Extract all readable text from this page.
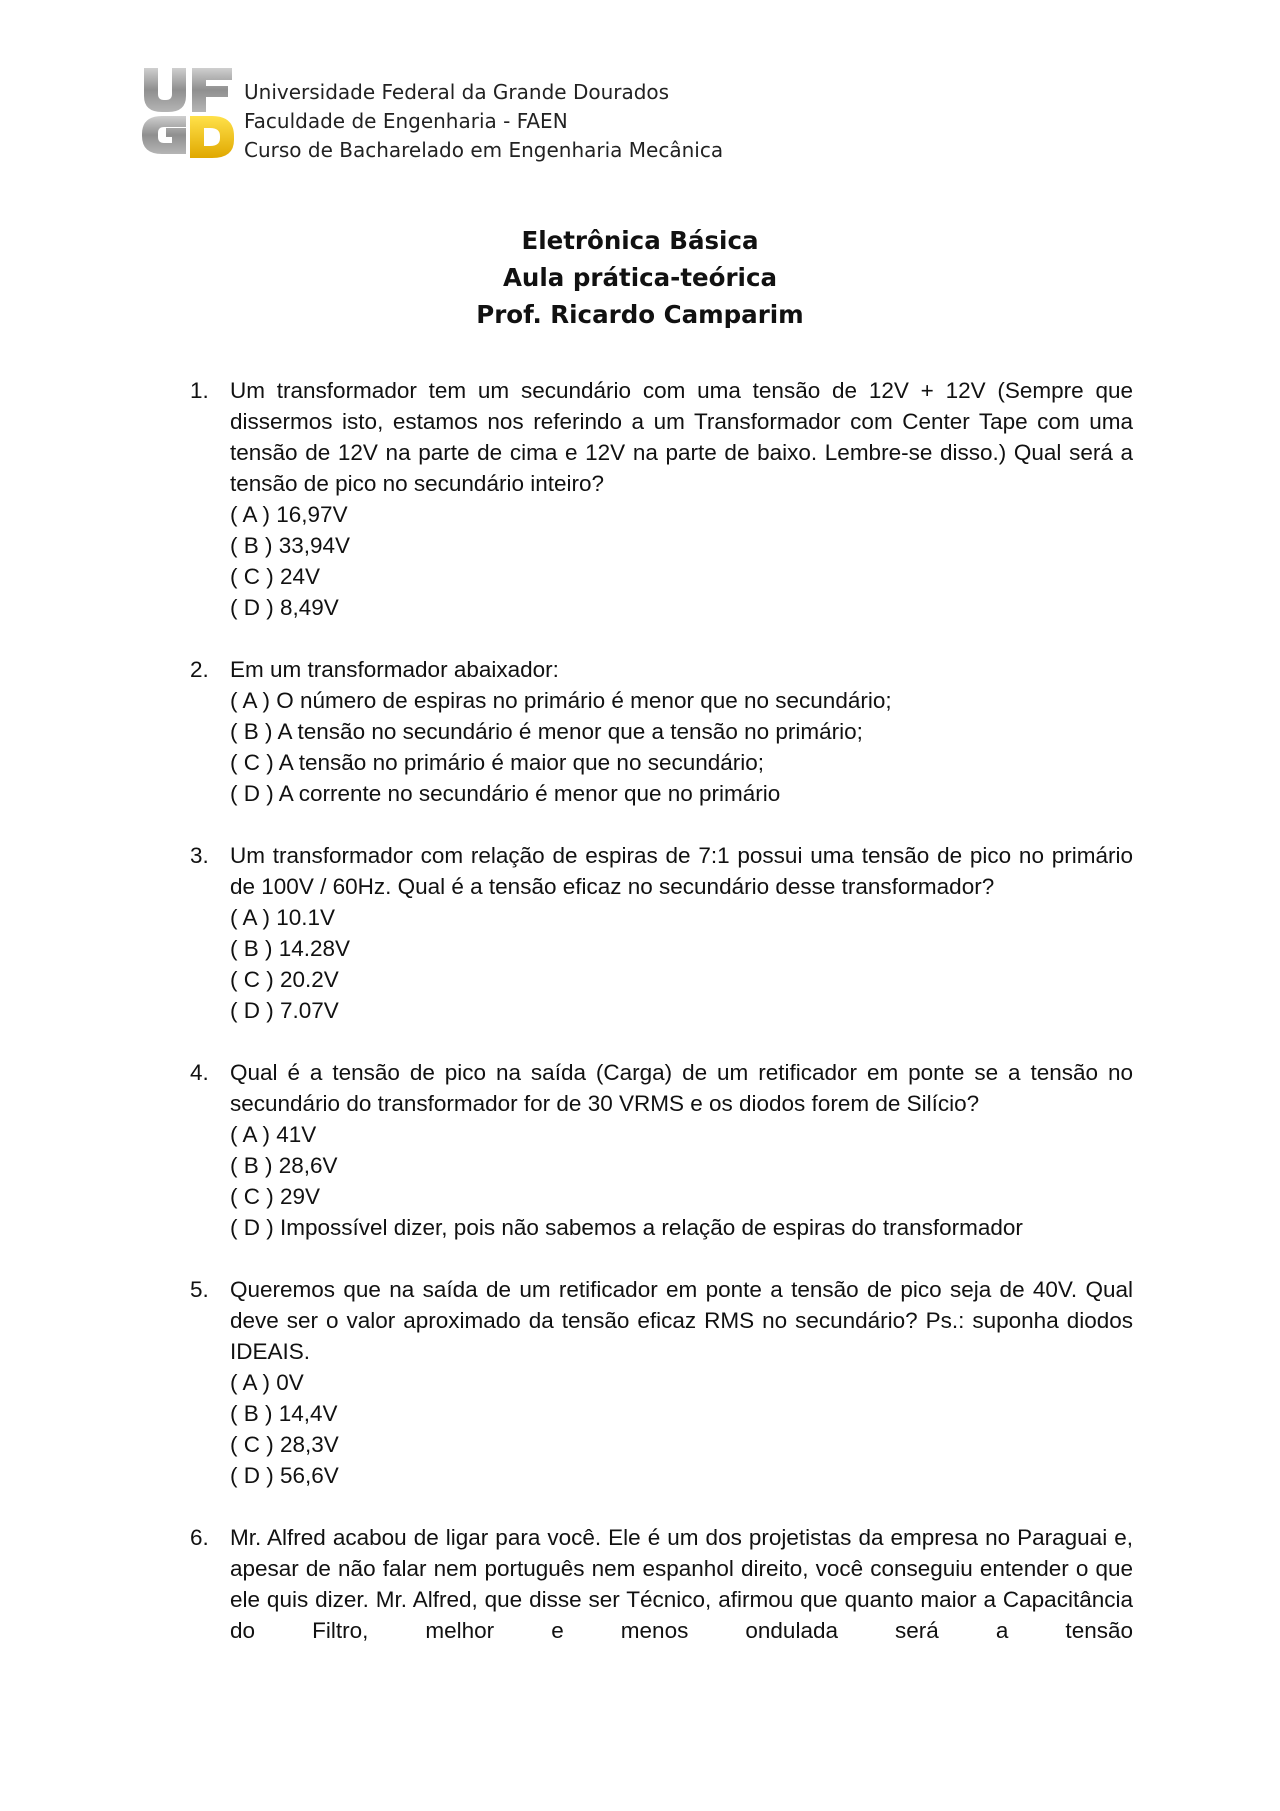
Universidade Federal da Grande Dourados
Faculdade de Engenharia - FAEN
Curso de Bacharelado em Engenharia Mecânica
Eletrônica Básica
Aula prática-teórica
Prof. Ricardo Camparim
1. Um transformador tem um secundário com uma tensão de 12V + 12V (Sempre que dissermos isto, estamos nos referindo a um Transformador com Center Tape com uma tensão de 12V na parte de cima e 12V na parte de baixo. Lembre-se disso.) Qual será a tensão de pico no secundário inteiro?
( A ) 16,97V
( B ) 33,94V
( C ) 24V
( D ) 8,49V
2. Em um transformador abaixador:
( A ) O número de espiras no primário é menor que no secundário;
( B ) A tensão no secundário é menor que a tensão no primário;
( C ) A tensão no primário é maior que no secundário;
( D ) A corrente no secundário é menor que no primário
3. Um transformador com relação de espiras de 7:1 possui uma tensão de pico no primário de 100V / 60Hz. Qual é a tensão eficaz no secundário desse transformador?
( A ) 10.1V
( B ) 14.28V
( C ) 20.2V
( D ) 7.07V
4. Qual é a tensão de pico na saída (Carga) de um retificador em ponte se a tensão no secundário do transformador for de 30 VRMS e os diodos forem de Silício?
( A ) 41V
( B ) 28,6V
( C ) 29V
( D ) Impossível dizer, pois não sabemos a relação de espiras do transformador
5. Queremos que na saída de um retificador em ponte a tensão de pico seja de 40V. Qual deve ser o valor aproximado da tensão eficaz RMS no secundário? Ps.: suponha diodos IDEAIS.
( A ) 0V
( B ) 14,4V
( C ) 28,3V
( D ) 56,6V
6. Mr. Alfred acabou de ligar para você. Ele é um dos projetistas da empresa no Paraguai e, apesar de não falar nem português nem espanhol direito, você conseguiu entender o que ele quis dizer. Mr. Alfred, que disse ser Técnico, afirmou que quanto maior a Capacitância do Filtro, melhor e menos ondulada será a tensão
